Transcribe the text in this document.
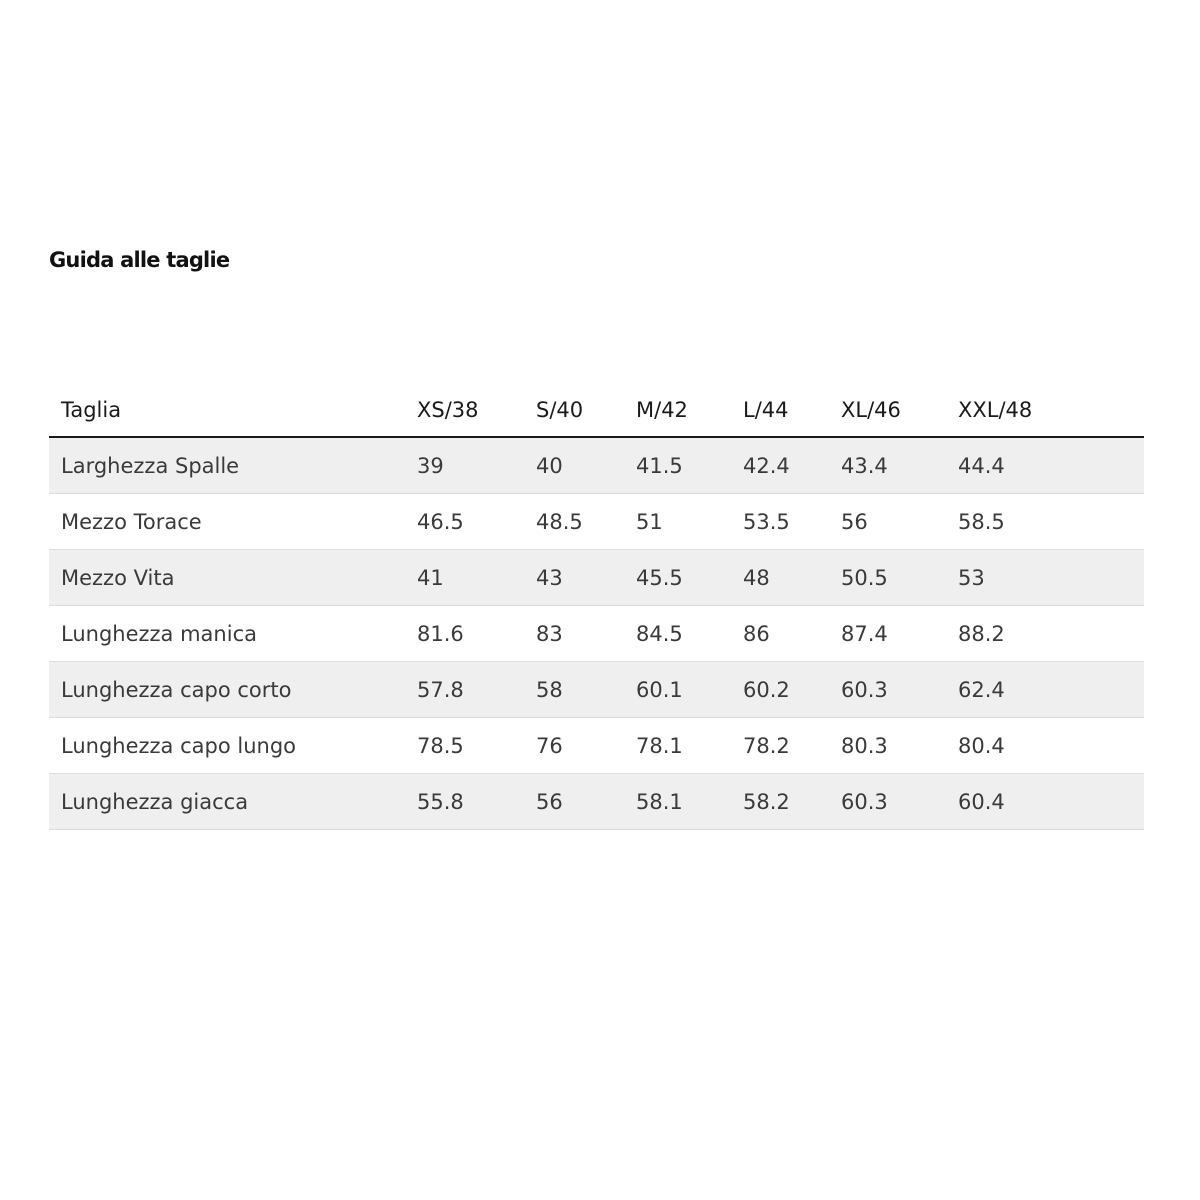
Guida alle taglie
Taglia	XS/38	S/40	M/42	L/44	XL/46	XXL/48
Larghezza Spalle	39	40	41.5	42.4	43.4	44.4
Mezzo Torace	46.5	48.5	51	53.5	56	58.5
Mezzo Vita	41	43	45.5	48	50.5	53
Lunghezza manica	81.6	83	84.5	86	87.4	88.2
Lunghezza capo corto	57.8	58	60.1	60.2	60.3	62.4
Lunghezza capo lungo	78.5	76	78.1	78.2	80.3	80.4
Lunghezza giacca	55.8	56	58.1	58.2	60.3	60.4
